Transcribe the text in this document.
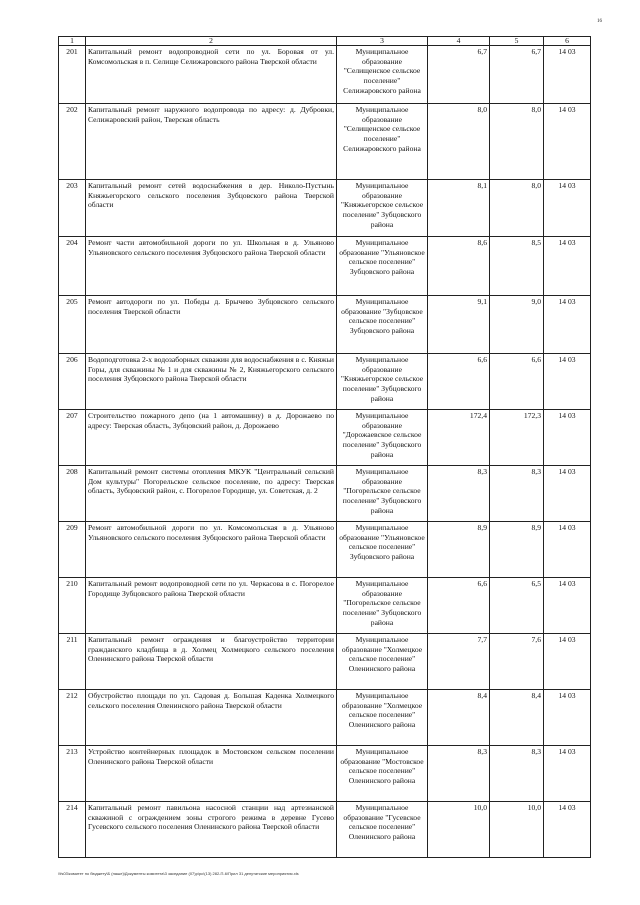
16
1	2	3	4	5	6
201	Капитальный ремонт водопроводной сети по ул. Боровая от ул. Комсомольская в п. Селище Селижаровского района Тверской области	Муниципальное образование "Селищенское сельское поселение" Селижаровского района	6,7	6,7	14 03
202	Капитальный ремонт наружного водопровода по адресу: д. Дубровки, Селижаровский район, Тверская область	Муниципальное образование "Селищенское сельское поселение" Селижаровского района	8,0	8,0	14 03
203	Капитальный ремонт сетей водоснабжения в дер. Николо-Пустынь Княжьегорского сельского поселения Зубцовского района Тверской области	Муниципальное образование "Княжьегорское сельское поселение" Зубцовского района	8,1	8,0	14 03
204	Ремонт части автомобильной дороги по ул. Школьная в д. Ульяново Ульяновского сельского поселения Зубцовского района Тверской области	Муниципальное образование "Ульяновское сельское поселение" Зубцовского района	8,6	8,5	14 03
205	Ремонт автодороги по ул. Победы д. Брычево Зубцовского сельского поселения Тверской области	Муниципальное образование "Зубцовское сельское поселение" Зубцовского района	9,1	9,0	14 03
206	Водоподготовка 2-х водозаборных скважин для водоснабжения в с. Княжьи Горы, для скважины № 1 и для скважины № 2, Княжьегорского сельского поселения Зубцовского района Тверской области	Муниципальное образование "Княжьегорское сельское поселение" Зубцовского района	6,6	6,6	14 03
207	Строительство пожарного депо (на 1 автомашину) в д. Дорожаево по адресу: Тверская область, Зубцовский район, д. Дорожаево	Муниципальное образование "Дорожаевское сельское поселение" Зубцовского района	172,4	172,3	14 03
208	Капитальный ремонт системы отопления МКУК "Центральный сельский Дом культуры" Погорельское сельское поселение, по адресу: Тверская область, Зубцовский район, с. Погорелое Городище, ул. Советская, д. 2	Муниципальное образование "Погорельское сельское поселение" Зубцовского района	8,3	8,3	14 03
209	Ремонт автомобильной дороги по ул. Комсомольская в д. Ульяново Ульяновского сельского поселения Зубцовского района Тверской области	Муниципальное образование "Ульяновское сельское поселение" Зубцовского района	8,9	8,9	14 03
210	Капитальный ремонт водопроводной сети по ул. Черкасова в с. Погорелое Городище Зубцовского района Тверской области	Муниципальное образование "Погорельское сельское поселение" Зубцовского района	6,6	6,5	14 03
211	Капитальный ремонт ограждения и благоустройство территории гражданского кладбища в д. Холмец Холмецкого сельского поселения Оленинского района Тверской области	Муниципальное образование "Холмецкое сельское поселение" Оленинского района	7,7	7,6	14 03
212	Обустройство площади по ул. Садовая д. Большая Каденка Холмецкого сельского поселения Оленинского района Тверской области	Муниципальное образование "Холмецкое сельское поселение" Оленинского района	8,4	8,4	14 03
213	Устройство контейнерных площадок в Мостовском сельском поселении Оленинского района Тверской области	Муниципальное образование "Мостовское сельское поселение" Оленинского района	8,3	8,3	14 03
214	Капитальный ремонт павильона насосной станции над артезианской скважиной с ограждением зоны строгого режима в деревне Гусево Гусевского сельского поселения Оленинского района Тверской области	Муниципальное образование "Гусевское сельское поселение" Оленинского района	10,0	10,0	14 03
\\fs03\комитет по бюджету\Б (наше)\Документы комитета\3 заседание (07)р\рс\(13) 282-П-6\Прил 31 депутатские мероприятия.xls
